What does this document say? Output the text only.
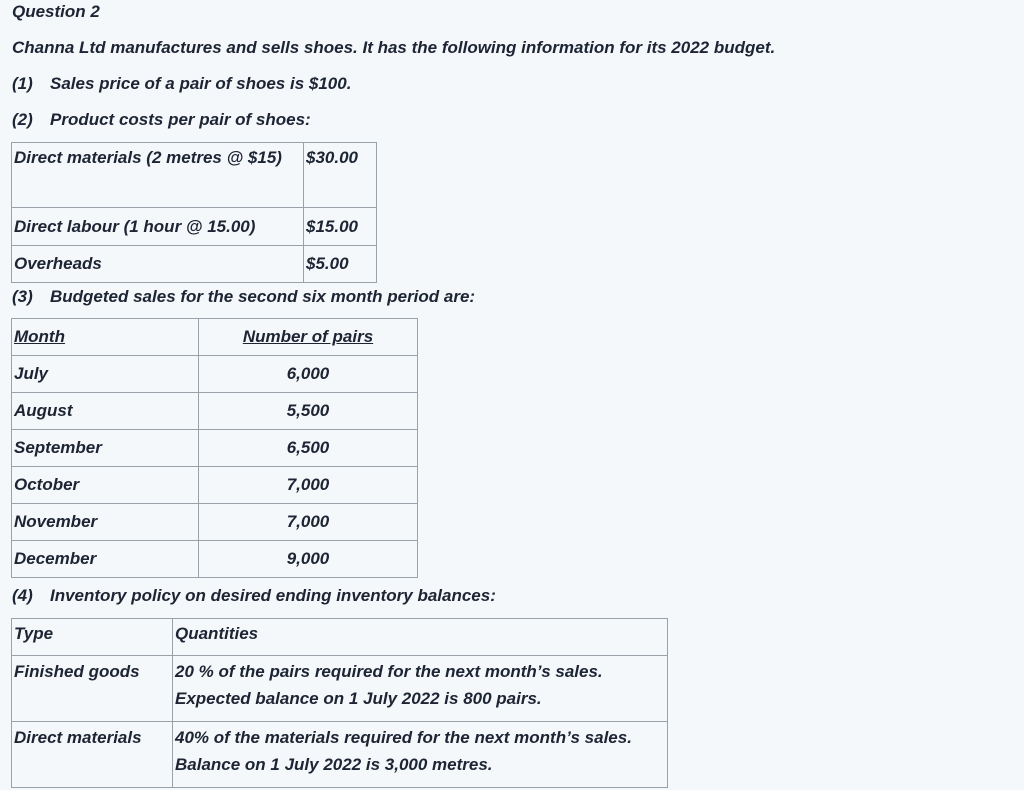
Question 2
Channa Ltd manufactures and sells shoes. It has the following information for its 2022 budget.
(1) Sales price of a pair of shoes is $100.
(2) Product costs per pair of shoes:
Direct materials (2 metres @ $15)	$30.00
Direct labour (1 hour @ 15.00)	$15.00
Overheads	$5.00
(3) Budgeted sales for the second six month period are:
Month	Number of pairs
July	6,000
August	5,500
September	6,500
October	7,000
November	7,000
December	9,000
(4) Inventory policy on desired ending inventory balances:
Type	Quantities
Finished goods	20 % of the pairs required for the next month’s sales. Expected balance on 1 July 2022 is 800 pairs.
Direct materials	40% of the materials required for the next month’s sales. Balance on 1 July 2022 is 3,000 metres.
